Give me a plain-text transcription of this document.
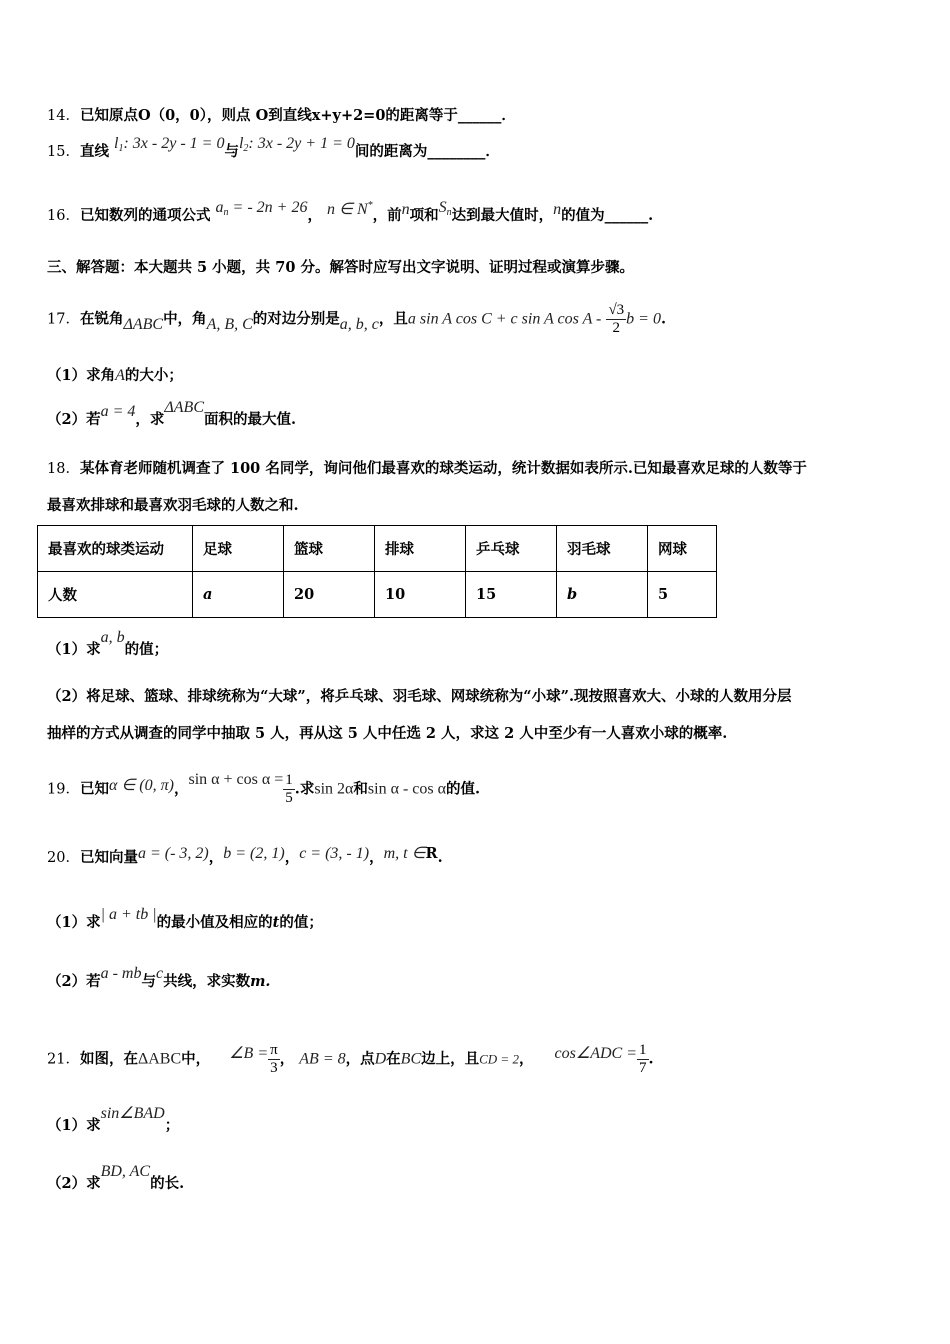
14．已知原点O（0，0），则点 O到直线x+y+2=0的距离等于______．
15．直线 $l_1$: 3x - 2y - 1 = 0与$l_2$: 3x - 2y + 1 = 0间的距离为________．
16．已知数列的通项公式 $a_n$ = - 2n + 26， n ∈ N*，前n项和$S_n$达到最大值时，n的值为______.
三、解答题：本大题共 5 小题，共 70 分。解答时应写出文字说明、证明过程或演算步骤。
17．在锐角ΔABC中，角A, B, C的对边分别是a, b, c，且a sin A cos C + c sin A cos A - $\frac{√3}{2}$ b = 0.
（1）求角A的大小；
（2）若a = 4，求ΔABC面积的最大值.
18．某体育老师随机调查了 100 名同学，询问他们最喜欢的球类运动，统计数据如表所示.已知最喜欢足球的人数等于
最喜欢排球和最喜欢羽毛球的人数之和.
最喜欢的球类运动	足球	篮球	排球	乒乓球	羽毛球	网球
人数	a	20	10	15	b	5
（1）求a, b的值；
（2）将足球、篮球、排球统称为“大球”，将乒乓球、羽毛球、网球统称为“小球”.现按照喜欢大、小球的人数用分层
抽样的方式从调查的同学中抽取 5 人，再从这 5 人中任选 2 人，求这 2 人中至少有一人喜欢小球的概率.
19．已知α ∈ (0, π)，$\sin \alpha + \cos \alpha = \frac{1}{5}$ .求sin 2α和sin α - cos α的值.
20．已知向量a = (- 3, 2)，b = (2, 1)，c = (3, - 1)，m, t ∈R.
（1）求| a + tb |的最小值及相应的t的值；
（2）若a - mb与c共线，求实数m.
21．如图，在ΔABC中， ∠B = $\frac{\pi}{3}$ ， AB = 8，点D在BC边上，且CD = 2， cos∠ADC = $\frac{1}{7}$ .
（1）求sin∠BAD；
（2）求BD, AC的长.
